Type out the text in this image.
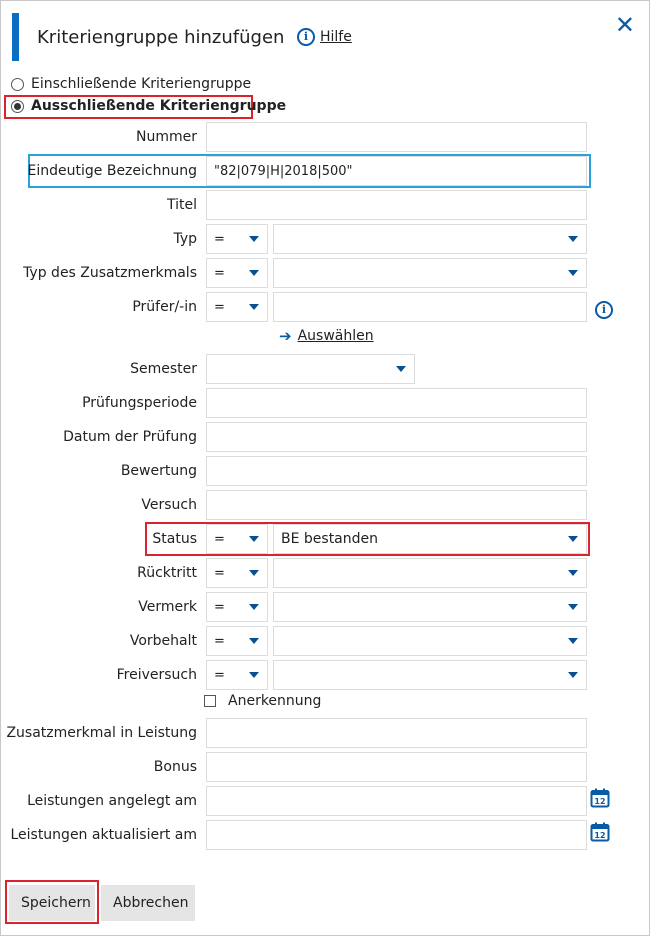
Kriteriengruppe hinzufügen	i Hilfe	✕
Einschließende Kriteriengruppe
Ausschließende Kriteriengruppe
Nummer
Eindeutige Bezeichnung	"82|079|H|2018|500"
Titel
Typ	=
Typ des Zusatzmerkmals	=
Prüfer/-in	=	i
➔ Auswählen
Semester
Prüfungsperiode
Datum der Prüfung
Bewertung
Versuch
Status	=	BE bestanden
Rücktritt	=
Vermerk	=
Vorbehalt	=
Freiversuch	=
Anerkennung
Zusatzmerkmal in Leistung
Bonus
Leistungen angelegt am	12
Leistungen aktualisiert am	12
Speichern	Abbrechen
